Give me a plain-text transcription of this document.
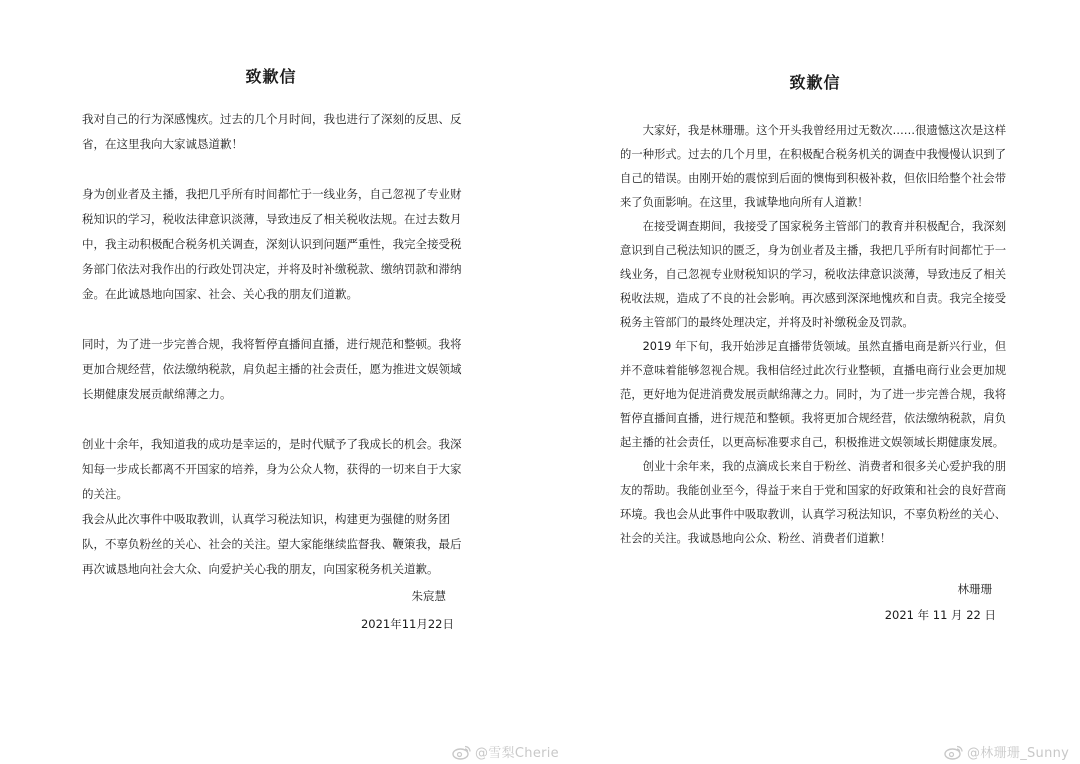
致歉信

我对自己的行为深感愧疚。过去的几个月时间，我也进行了深刻的反思、反省，在这里我向大家诚恳道歉！

身为创业者及主播，我把几乎所有时间都忙于一线业务，自己忽视了专业财税知识的学习，税收法律意识淡薄，导致违反了相关税收法规。在过去数月中，我主动积极配合税务机关调查，深刻认识到问题严重性，我完全接受税务部门依法对我作出的行政处罚决定，并将及时补缴税款、缴纳罚款和滞纳金。在此诚恳地向国家、社会、关心我的朋友们道歉。

同时，为了进一步完善合规，我将暂停直播间直播，进行规范和整顿。我将更加合规经营，依法缴纳税款，肩负起主播的社会责任，愿为推进文娱领域长期健康发展贡献绵薄之力。

创业十余年，我知道我的成功是幸运的，是时代赋予了我成长的机会。我深知每一步成长都离不开国家的培养，身为公众人物，获得的一切来自于大家的关注。

我会从此次事件中吸取教训，认真学习税法知识，构建更为强健的财务团队，不辜负粉丝的关心、社会的关注。望大家能继续监督我、鞭策我，最后再次诚恳地向社会大众、向爱护关心我的朋友，向国家税务机关道歉。

朱宸慧
2021年11月22日
致歉信

大家好，我是林珊珊。这个开头我曾经用过无数次……很遗憾这次是这样的一种形式。过去的几个月里，在积极配合税务机关的调查中我慢慢认识到了自己的错误。由刚开始的震惊到后面的懊悔到积极补救，但依旧给整个社会带来了负面影响。在这里，我诚挚地向所有人道歉！

在接受调查期间，我接受了国家税务主管部门的教育并积极配合，我深刻意识到自己税法知识的匮乏，身为创业者及主播，我把几乎所有时间都忙于一线业务，自己忽视专业财税知识的学习，税收法律意识淡薄，导致违反了相关税收法规，造成了不良的社会影响。再次感到深深地愧疚和自责。我完全接受税务主管部门的最终处理决定，并将及时补缴税金及罚款。

2019 年下旬，我开始涉足直播带货领域。虽然直播电商是新兴行业，但并不意味着能够忽视合规。我相信经过此次行业整顿，直播电商行业会更加规范，更好地为促进消费发展贡献绵薄之力。同时，为了进一步完善合规，我将暂停直播间直播，进行规范和整顿。我将更加合规经营，依法缴纳税款，肩负起主播的社会责任，以更高标准要求自己，积极推进文娱领域长期健康发展。

创业十余年来，我的点滴成长来自于粉丝、消费者和很多关心爱护我的朋友的帮助。我能创业至今，得益于来自于党和国家的好政策和社会的良好营商环境。我也会从此事件中吸取教训，认真学习税法知识，不辜负粉丝的关心、社会的关注。我诚恳地向公众、粉丝、消费者们道歉！

林珊珊
2021 年 11 月 22 日
@雪梨Cherie	@林珊珊_Sunny
